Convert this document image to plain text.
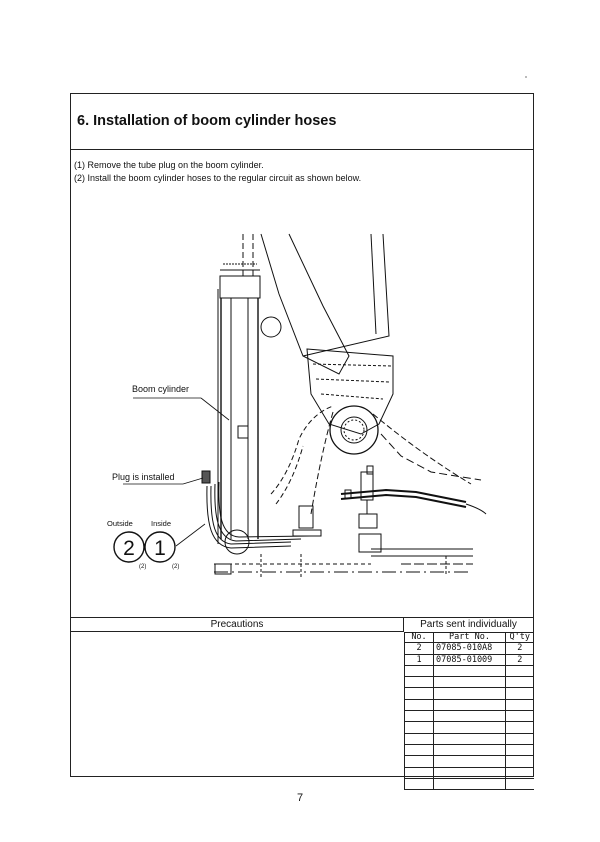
6. Installation of boom cylinder hoses
(1) Remove the tube plug on the boom cylinder.
(2) Install the boom cylinder hoses to the regular circuit as shown below.
Boom cylinder
Plug is installed
Outside Inside
2 1
(2)	(2)
Precautions	Parts sent individually
No.	Part No.	Q'ty
2	07085-010A8	2
1	07085-01009	2

7
